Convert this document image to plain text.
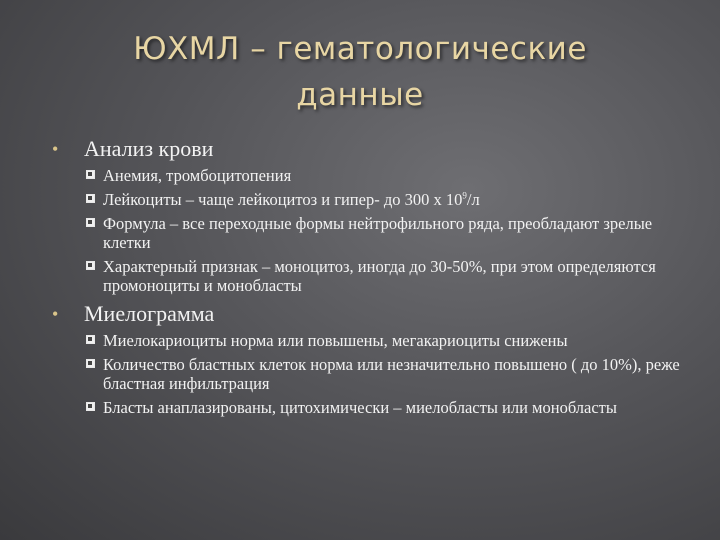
ЮХМЛ – гематологические
данные
• Анализ крови
Анемия, тромбоцитопения
Лейкоциты – чаще лейкоцитоз и гипер- до 300 х $10^9/л$
Формула – все переходные формы нейтрофильного ряда, преобладают зрелые клетки
Характерный признак – моноцитоз, иногда до 30-50%, при этом определяются промоноциты и монобласты
• Миелограмма
Миелокариоциты норма или повышены, мегакариоциты снижены
Количество бластных клеток норма или незначительно повышено ( до 10%), реже бластная инфильтрация
Бласты анаплазированы, цитохимически – миелобласты или монобласты
